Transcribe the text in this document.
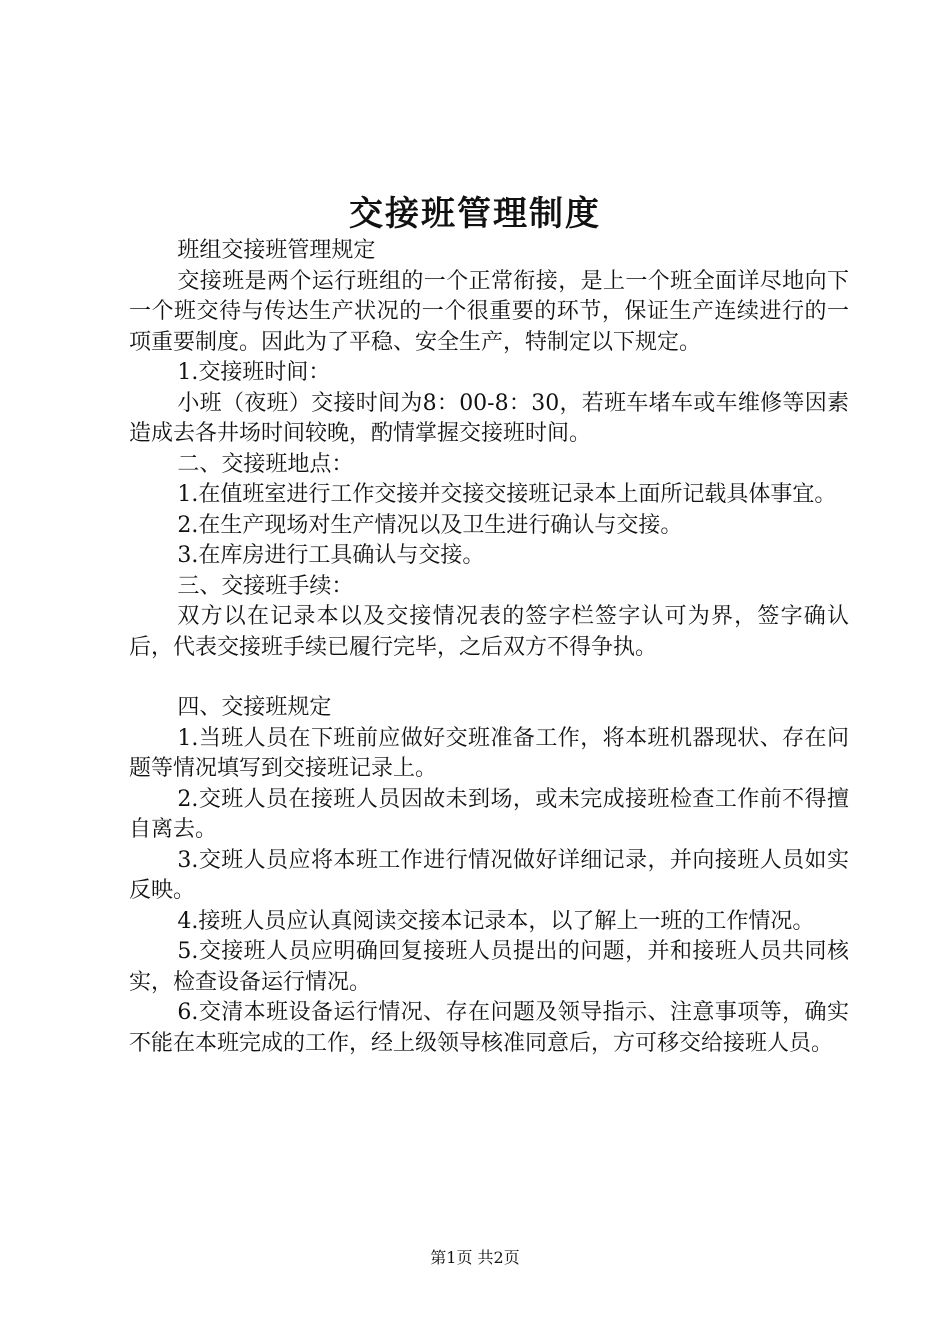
交接班管理制度

班组交接班管理规定

交接班是两个运行班组的一个正常衔接，是上一个班全面详尽地向下一个班交待与传达生产状况的一个很重要的环节，保证生产连续进行的一项重要制度。因此为了平稳、安全生产，特制定以下规定。

1.交接班时间：

小班（夜班）交接时间为8：00-8：30，若班车堵车或车维修等因素造成去各井场时间较晚，酌情掌握交接班时间。

二、交接班地点：

1.在值班室进行工作交接并交接交接班记录本上面所记载具体事宜。

2.在生产现场对生产情况以及卫生进行确认与交接。

3.在库房进行工具确认与交接。

三、交接班手续：

双方以在记录本以及交接情况表的签字栏签字认可为界，签字确认后，代表交接班手续已履行完毕，之后双方不得争执。

四、交接班规定

1.当班人员在下班前应做好交班准备工作，将本班机器现状、存在问题等情况填写到交接班记录上。

2.交班人员在接班人员因故未到场，或未完成接班检查工作前不得擅自离去。

3.交班人员应将本班工作进行情况做好详细记录，并向接班人员如实反映。

4.接班人员应认真阅读交接本记录本，以了解上一班的工作情况。

5.交接班人员应明确回复接班人员提出的问题，并和接班人员共同核实，检查设备运行情况。

6.交清本班设备运行情况、存在问题及领导指示、注意事项等，确实不能在本班完成的工作，经上级领导核准同意后，方可移交给接班人员。

第1页 共2页
